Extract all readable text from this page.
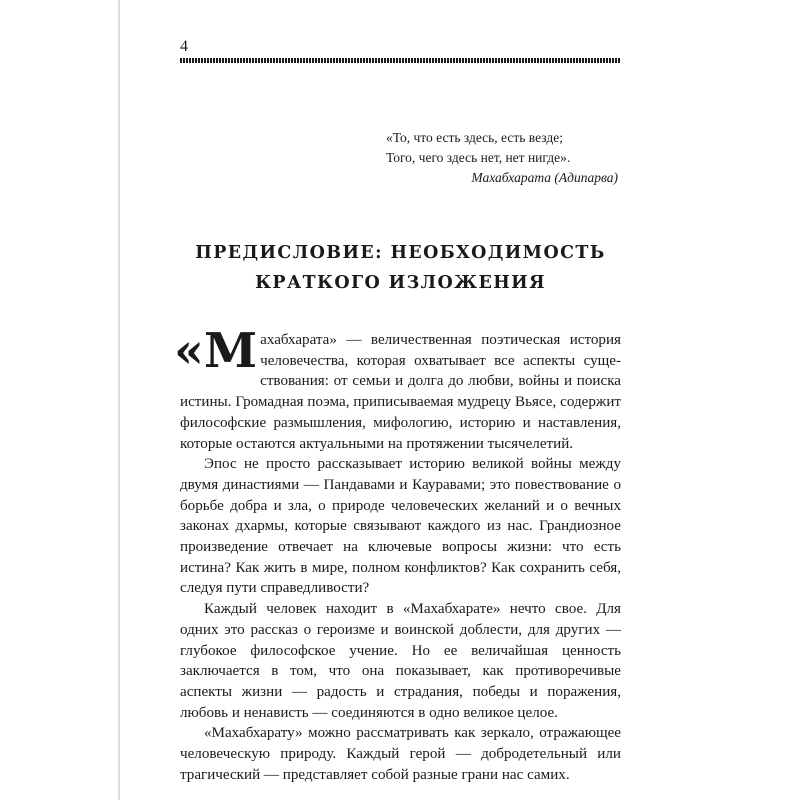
4
«То, что есть здесь, есть везде;
Того, чего здесь нет, нет нигде».
Махабхарата (Адипарва)
ПРЕДИСЛОВИЕ: НЕОБХОДИМОСТЬ
КРАТКОГО ИЗЛОЖЕНИЯ

«Махабхарата» — величественная поэтическая история человечества, которая охватывает все аспекты существования: от семьи и долга до любви, войны и поиска истины. Громадная поэма, приписываемая мудрецу Вьясе, содержит философские размышления, мифологию, историю и наставления, которые остаются актуальными на протяжении тысячелетий.

Эпос не просто рассказывает историю великой войны между двумя династиями — Пандавами и Кауравами; это повествование о борьбе добра и зла, о природе человеческих желаний и о вечных законах дхармы, которые связывают каждого из нас. Грандиозное произведение отвечает на ключевые вопросы жизни: что есть истина? Как жить в мире, полном конфликтов? Как сохранить себя, следуя пути справедливости?

Каждый человек находит в «Махабхарате» нечто свое. Для одних это рассказ о героизме и воинской доблести, для других — глубокое философское учение. Но ее величайшая ценность заключается в том, что она показывает, как противоречивые аспекты жизни — радость и страдания, победы и поражения, любовь и ненависть — соединяются в одно великое целое.

«Махабхарату» можно рассматривать как зеркало, отражающее человеческую природу. Каждый герой — добродетельный или трагический — представляет собой разные грани нас самих.
